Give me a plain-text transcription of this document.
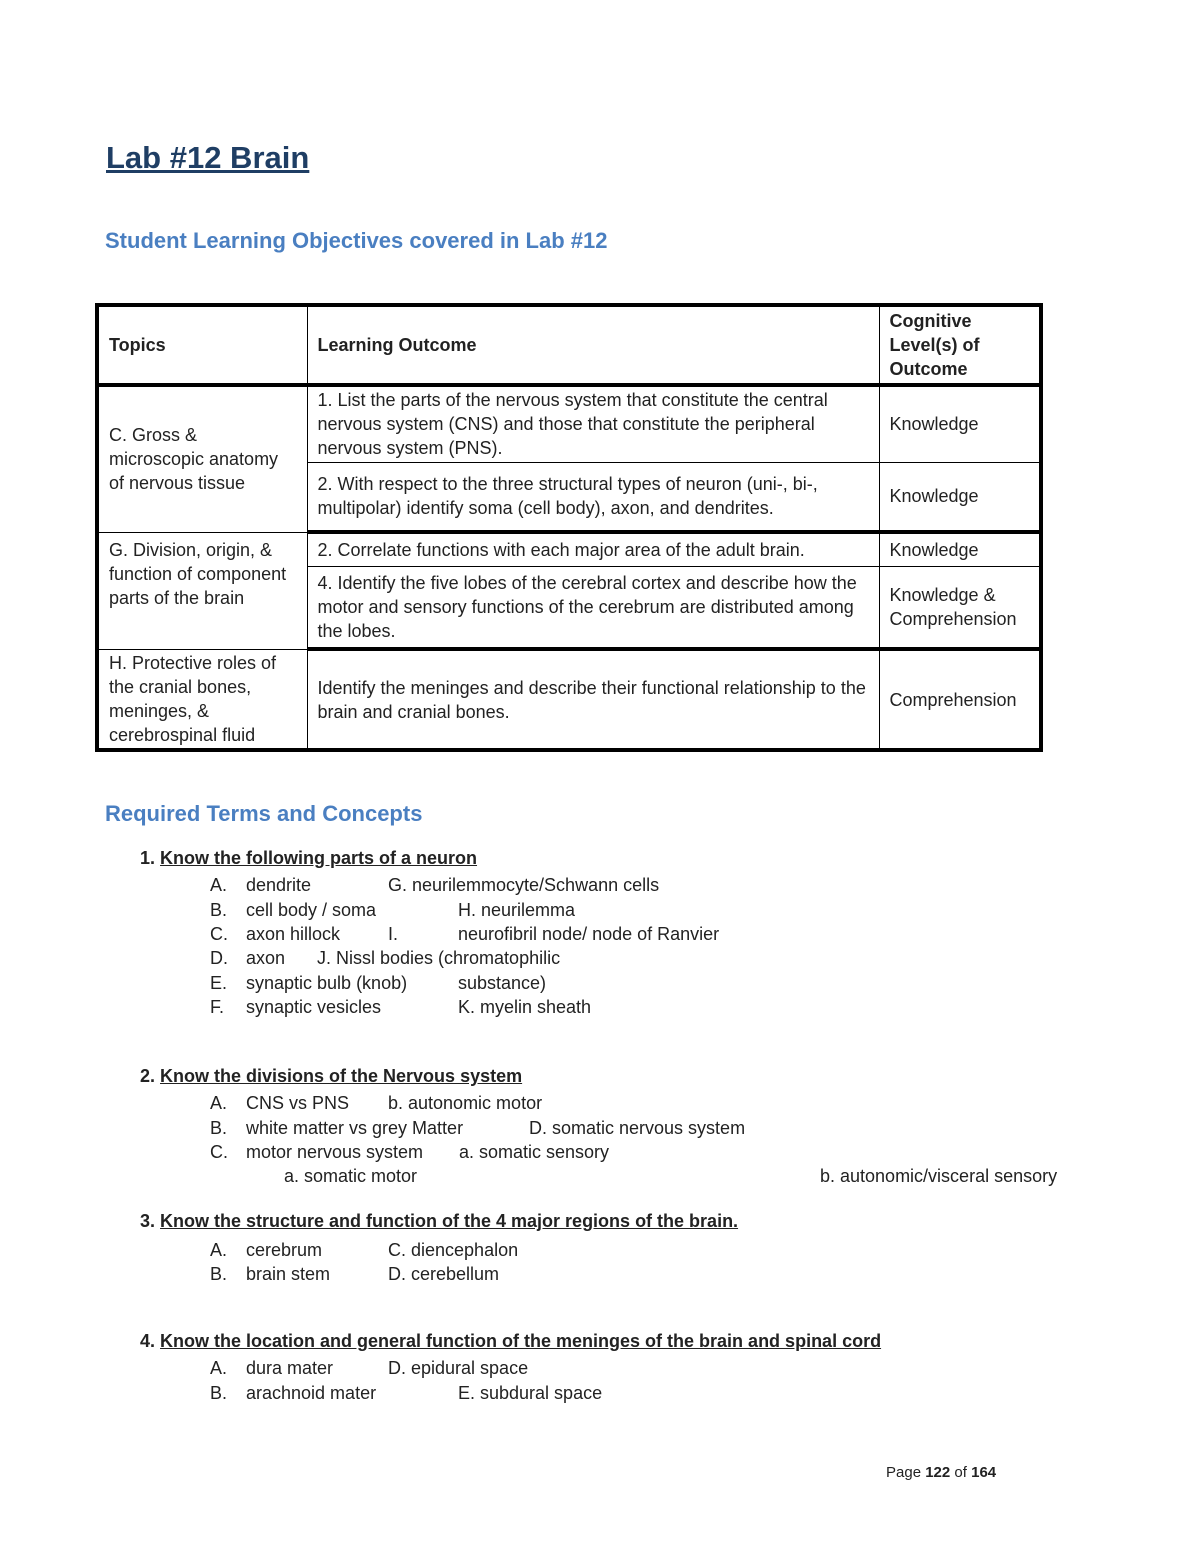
Lab #12 Brain
Student Learning Objectives covered in Lab #12
Topics	Learning Outcome	Cognitive Level(s) of Outcome
C. Gross & microscopic anatomy of nervous tissue	1. List the parts of the nervous system that constitute the central nervous system (CNS) and those that constitute the peripheral nervous system (PNS).	Knowledge
	2. With respect to the three structural types of neuron (uni-, bi-, multipolar) identify soma (cell body), axon, and dendrites.	Knowledge
G. Division, origin, & function of component parts of the brain	2. Correlate functions with each major area of the adult brain.	Knowledge
	4. Identify the five lobes of the cerebral cortex and describe how the motor and sensory functions of the cerebrum are distributed among the lobes.	Knowledge & Comprehension
H. Protective roles of the cranial bones, meninges, & cerebrospinal fluid	Identify the meninges and describe their functional relationship to the brain and cranial bones.	Comprehension
Required Terms and Concepts
1. Know the following parts of a neuron
A. dendrite	G. neurilemmocyte/Schwann cells
B. cell body / soma	H. neurilemma
C. axon hillock	I.	neurofibril node/ node of Ranvier
D. axon J. Nissl bodies (chromatophilic
E. synaptic bulb (knob)	substance)
F. synaptic vesicles	K. myelin sheath
2. Know the divisions of the Nervous system
A. CNS vs PNS b. autonomic motor
B. white matter vs grey Matter	D. somatic nervous system
C. motor nervous system a. somatic sensory
a. somatic motor	b. autonomic/visceral sensory
3. Know the structure and function of the 4 major regions of the brain.
A. cerebrum	C. diencephalon
B. brain stem	D. cerebellum
4. Know the location and general function of the meninges of the brain and spinal cord
A. dura mater	D. epidural space
B. arachnoid mater	E. subdural space
Page 122 of 164
